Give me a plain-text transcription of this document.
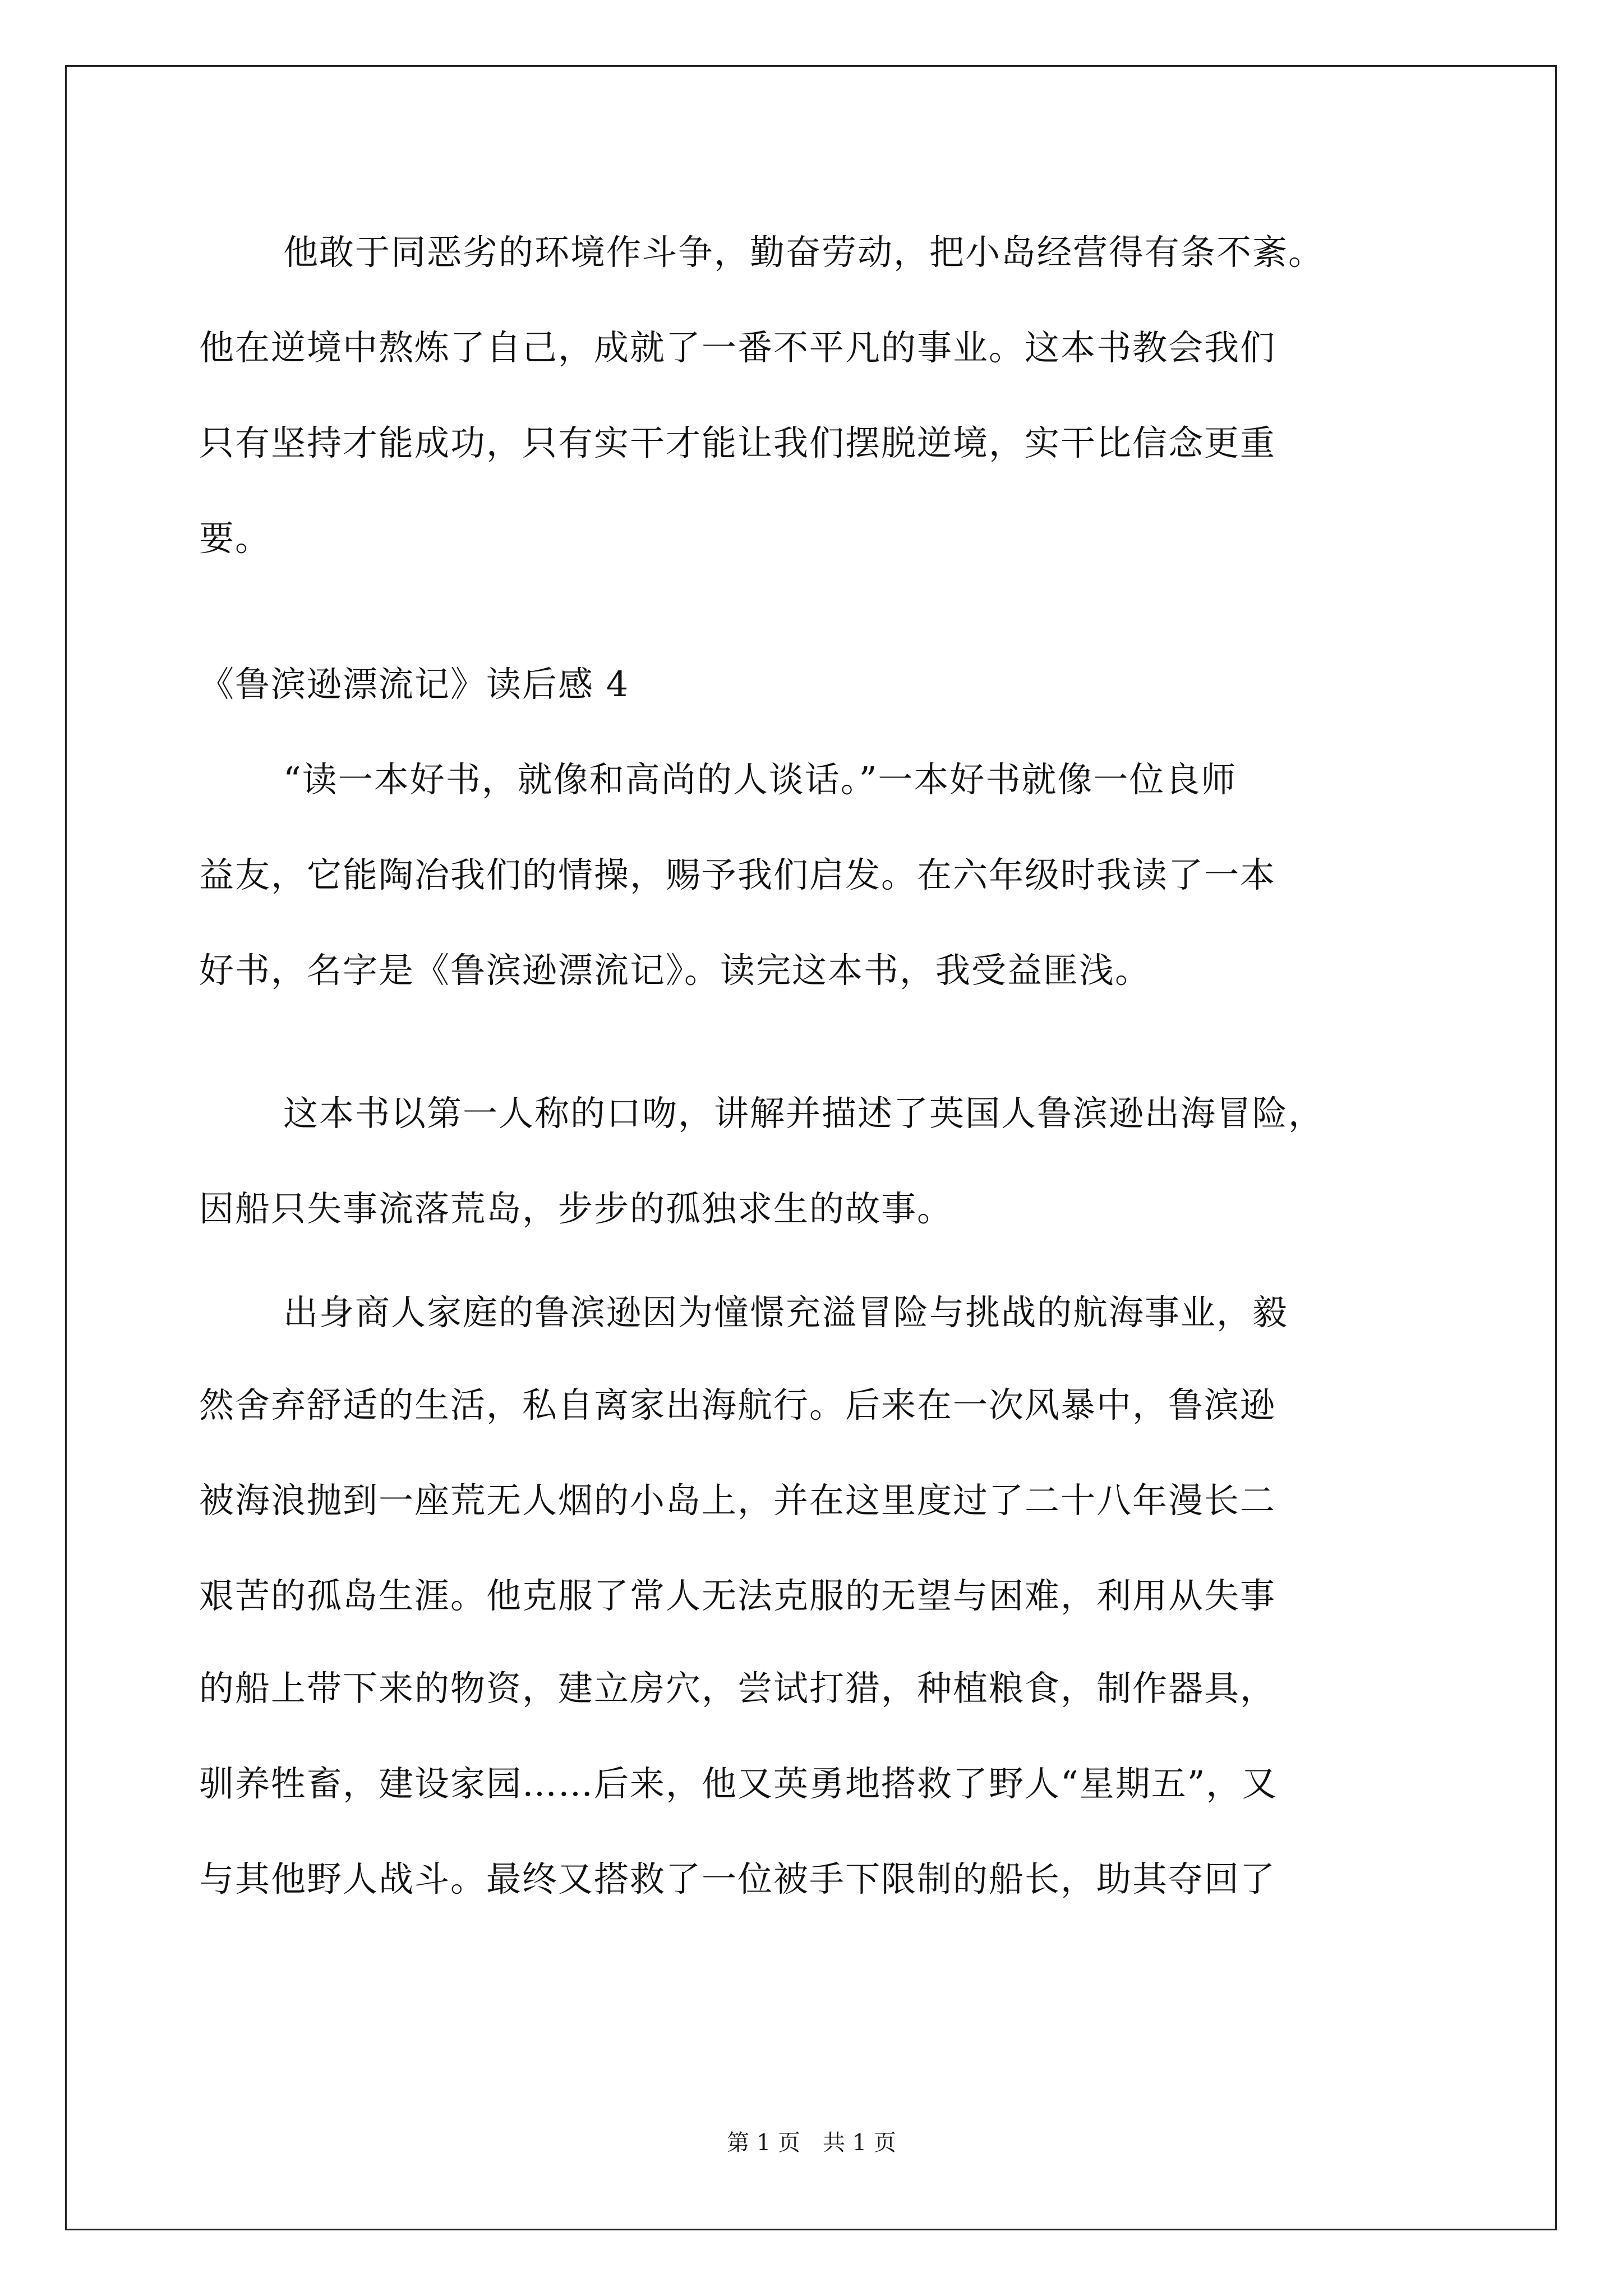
他敢于同恶劣的环境作斗争，勤奋劳动，把小岛经营得有条不紊。
他在逆境中熬炼了自己，成就了一番不平凡的事业。这本书教会我们
只有坚持才能成功，只有实干才能让我们摆脱逆境，实干比信念更重
要。
《鲁滨逊漂流记》读后感 4
“读一本好书，就像和高尚的人谈话。”一本好书就像一位良师
益友，它能陶冶我们的情操，赐予我们启发。在六年级时我读了一本
好书，名字是《鲁滨逊漂流记》。读完这本书，我受益匪浅。
这本书以第一人称的口吻，讲解并描述了英国人鲁滨逊出海冒险，
因船只失事流落荒岛，步步的孤独求生的故事。
出身商人家庭的鲁滨逊因为憧憬充溢冒险与挑战的航海事业，毅
然舍弃舒适的生活，私自离家出海航行。后来在一次风暴中，鲁滨逊
被海浪抛到一座荒无人烟的小岛上，并在这里度过了二十八年漫长二
艰苦的孤岛生涯。他克服了常人无法克服的无望与困难，利用从失事
的船上带下来的物资，建立房穴，尝试打猎，种植粮食，制作器具，
驯养牲畜，建设家园……后来，他又英勇地搭救了野人“星期五”，又
与其他野人战斗。最终又搭救了一位被手下限制的船长，助其夺回了
第 1 页　共 1 页
